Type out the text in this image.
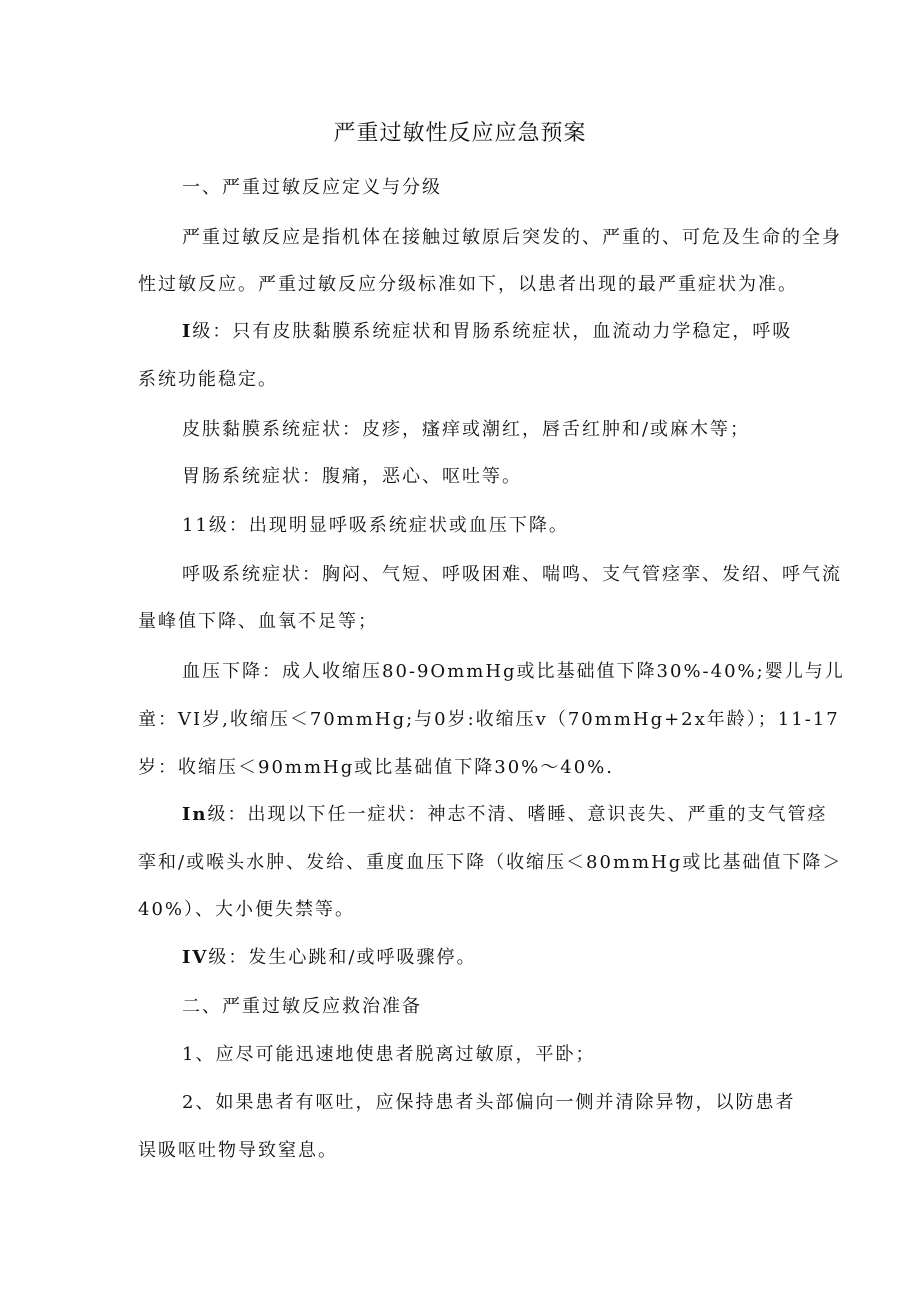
严重过敏性反应应急预案
一、严重过敏反应定义与分级
严重过敏反应是指机体在接触过敏原后突发的、严重的、可危及生命的全身
性过敏反应。严重过敏反应分级标准如下，以患者出现的最严重症状为准。
I级：只有皮肤黏膜系统症状和胃肠系统症状，血流动力学稳定，呼吸
系统功能稳定。
皮肤黏膜系统症状：皮疹，瘙痒或潮红，唇舌红肿和/或麻木等；
胃肠系统症状：腹痛，恶心、呕吐等。
11级：出现明显呼吸系统症状或血压下降。
呼吸系统症状：胸闷、气短、呼吸困难、喘鸣、支气管痉挛、发绍、呼气流
量峰值下降、血氧不足等；
血压下降：成人收缩压80-9OmmHg或比基础值下降30%-40%;婴儿与儿
童：VI岁,收缩压＜70mmHg;与0岁:收缩压v（70mmHg+2x年龄）；11-17
岁：收缩压＜90mmHg或比基础值下降30%～40%.
In级：出现以下任一症状：神志不清、嗜睡、意识丧失、严重的支气管痉
挛和/或喉头水肿、发给、重度血压下降（收缩压＜80mmHg或比基础值下降＞
40%）、大小便失禁等。
IV级：发生心跳和/或呼吸骤停。
二、严重过敏反应救治准备
1、应尽可能迅速地使患者脱离过敏原，平卧；
2、如果患者有呕吐，应保持患者头部偏向一侧并清除异物，以防患者
误吸呕吐物导致窒息。
